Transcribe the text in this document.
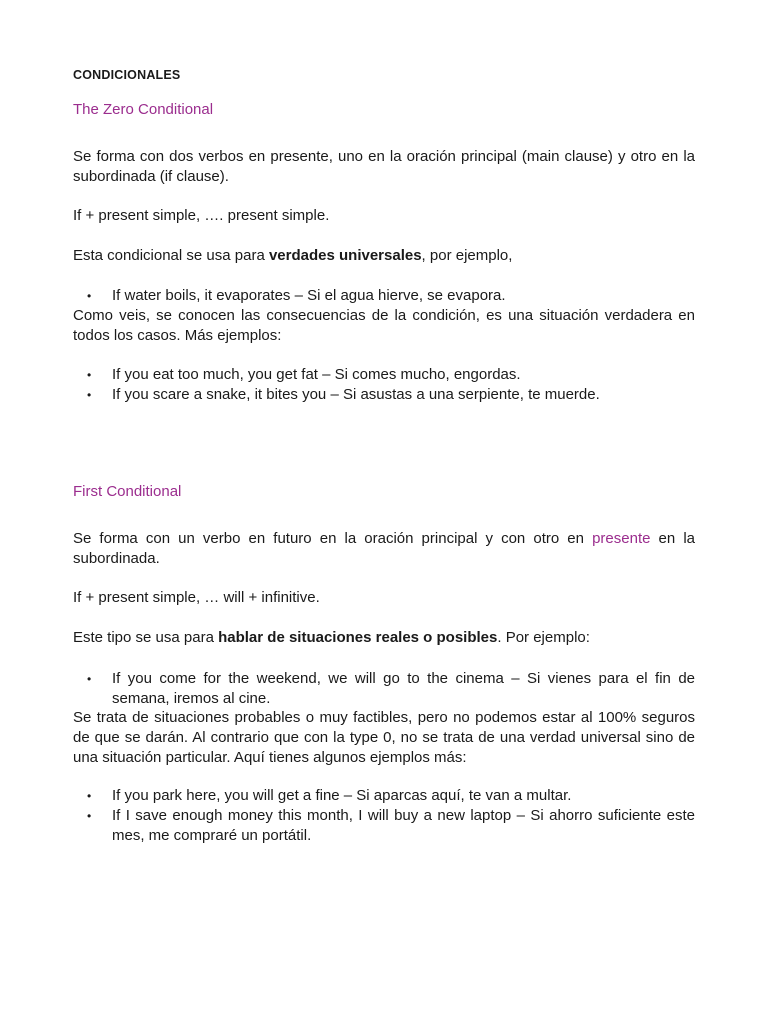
CONDICIONALES
The Zero Conditional
Se forma con dos verbos en presente, uno en la oración principal (main clause) y otro en la subordinada (if clause).
If + present simple, …. present simple.
Esta condicional se usa para verdades universales, por ejemplo,
• If water boils, it evaporates – Si el agua hierve, se evapora.
Como veis, se conocen las consecuencias de la condición, es una situación verdadera en todos los casos. Más ejemplos:
• If you eat too much, you get fat – Si comes mucho, engordas.
• If you scare a snake, it bites you – Si asustas a una serpiente, te muerde.
First Conditional
Se forma con un verbo en futuro en la oración principal y con otro en presente en la subordinada.
If + present simple, … will + infinitive.
Este tipo se usa para hablar de situaciones reales o posibles. Por ejemplo:
• If you come for the weekend, we will go to the cinema – Si vienes para el fin de semana, iremos al cine.
Se trata de situaciones probables o muy factibles, pero no podemos estar al 100% seguros de que se darán. Al contrario que con la type 0, no se trata de una verdad universal sino de una situación particular. Aquí tienes algunos ejemplos más:
• If you park here, you will get a fine – Si aparcas aquí, te van a multar.
• If I save enough money this month, I will buy a new laptop – Si ahorro suficiente este mes, me compraré un portátil.
